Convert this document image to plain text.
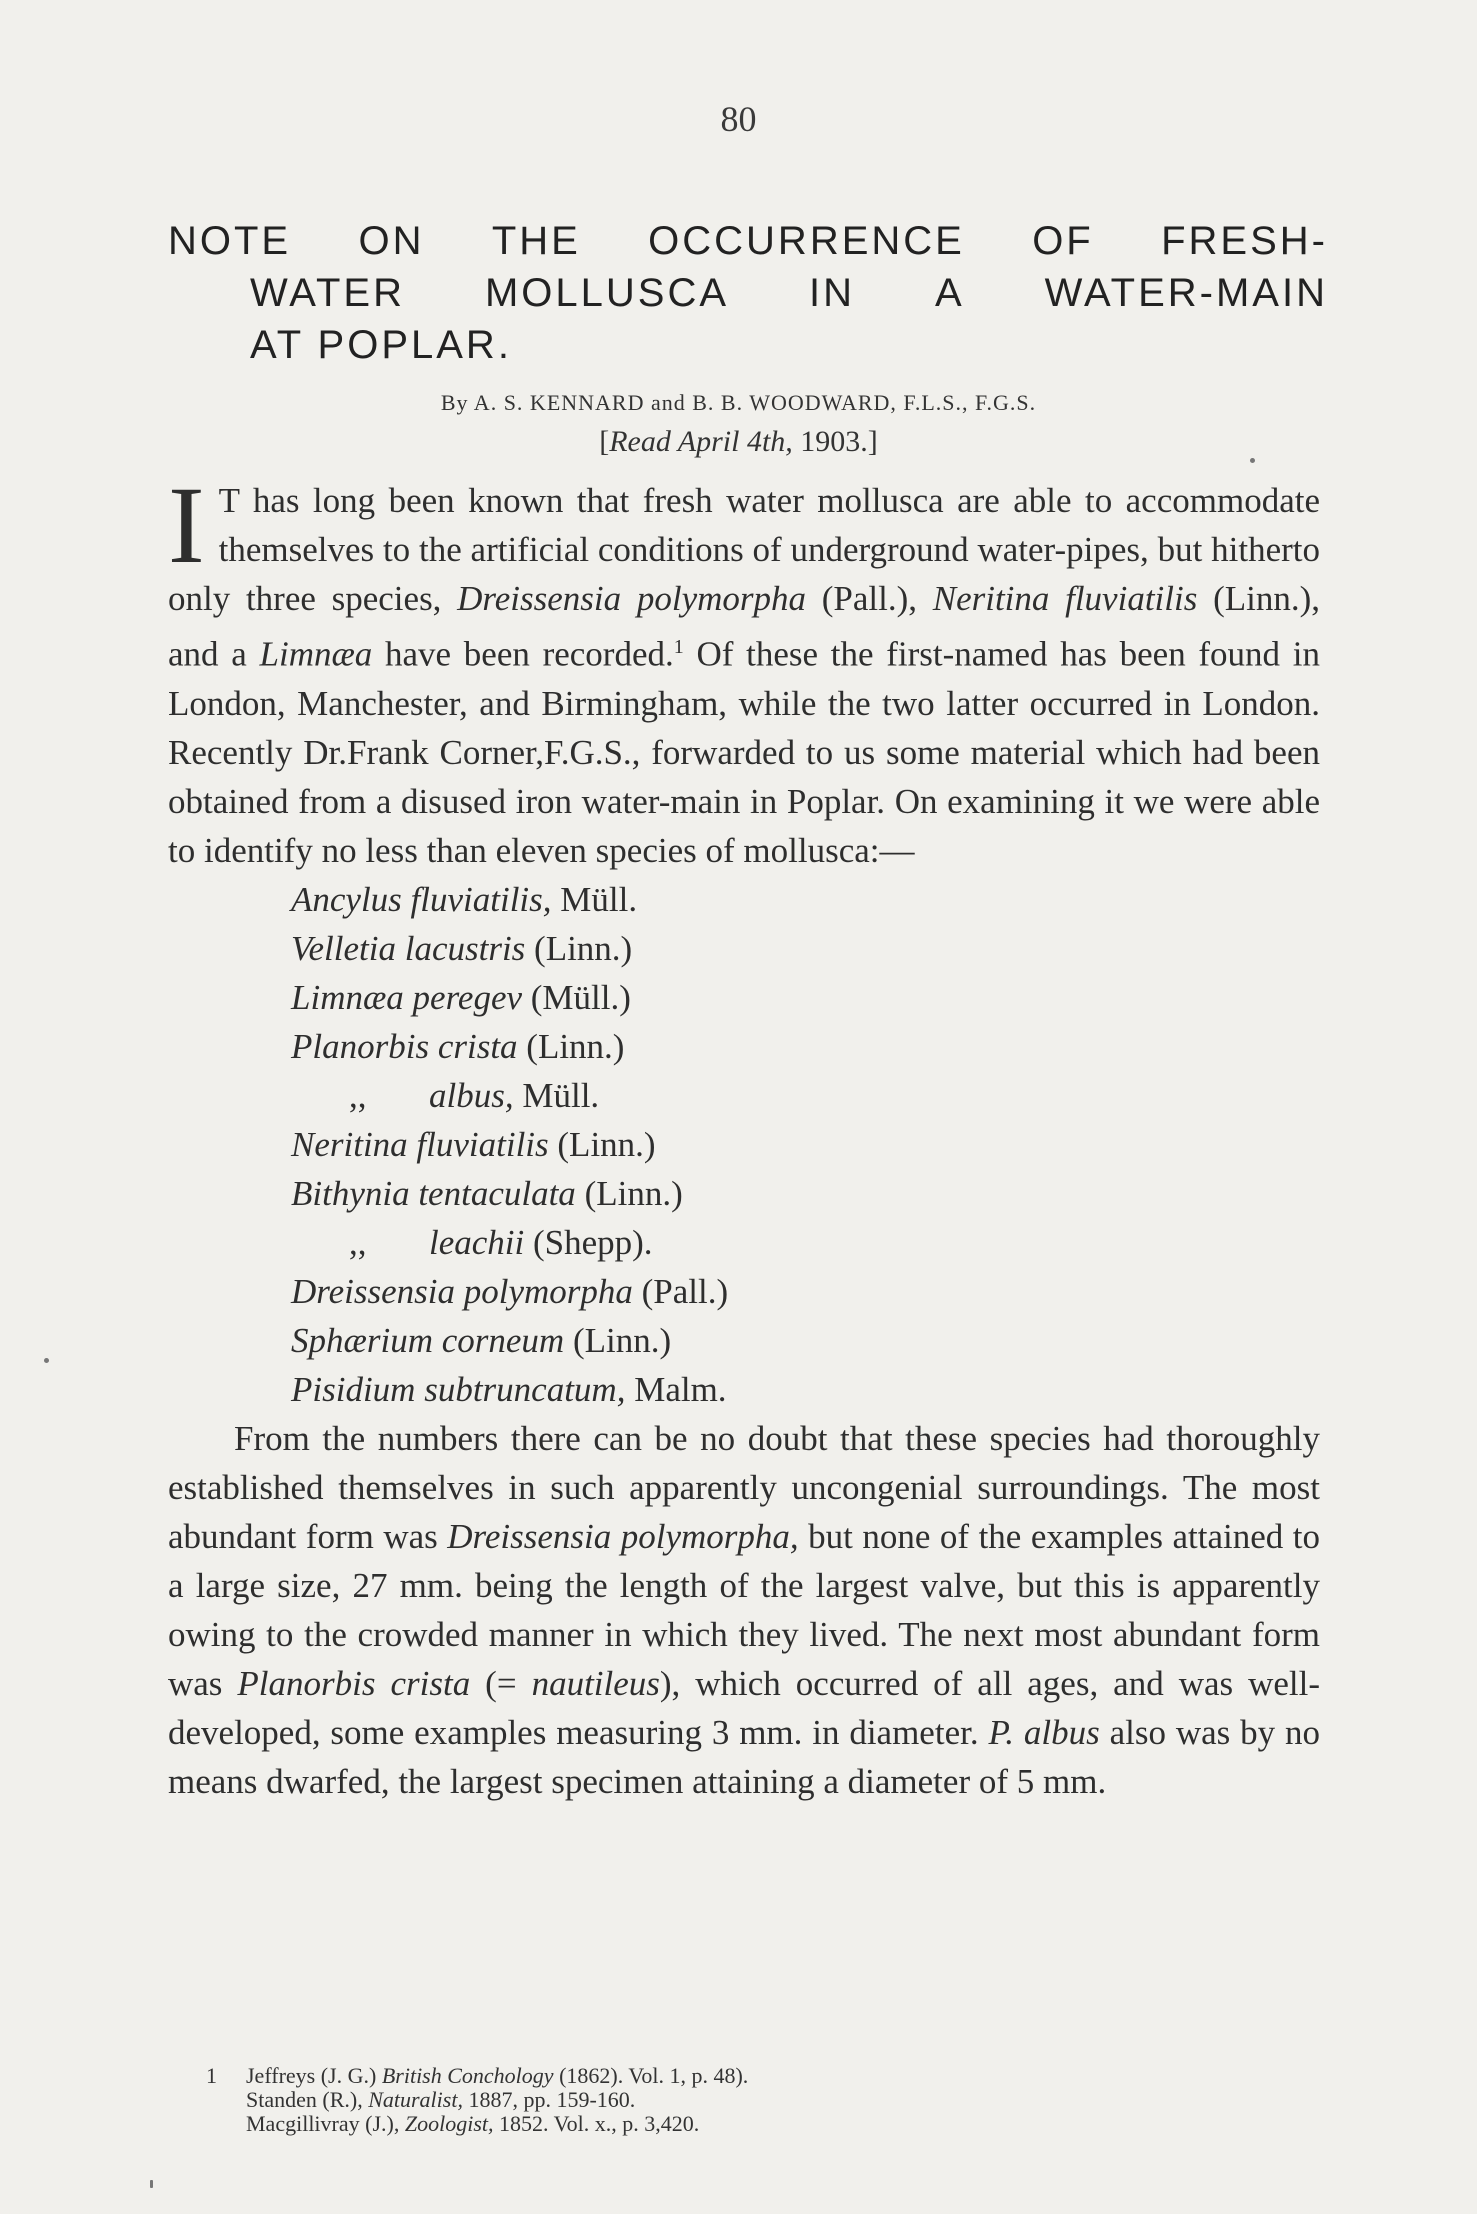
80
NOTE ON THE OCCURRENCE OF FRESH-
WATER MOLLUSCA IN A WATER-MAIN
AT POPLAR.
By A. S. KENNARD and B. B. WOODWARD, F.L.S., F.G.S.
[Read April 4th, 1903.]

I T has long been known that fresh water mollusca are able to accommodate themselves to the artificial conditions of underground water-pipes, but hitherto only three species, Dreissensia polymorpha (Pall.), Neritina fluviatilis (Linn.), and a Limnæa have been recorded.$^1$ Of these the first-named has been found in London, Manchester, and Birmingham, while the two latter occurred in London. Recently Dr.Frank Corner,F.G.S., forwarded to us some material which had been obtained from a disused iron water-main in Poplar. On examining it we were able to identify no less than eleven species of mollusca:—

Ancylus fluviatilis, Müll.
Velletia lacustris (Linn.)
Limnæa peregev (Müll.)
Planorbis crista (Linn.)
,, albus, Müll.
Neritina fluviatilis (Linn.)
Bithynia tentaculata (Linn.)
,, leachii (Shepp).
Dreissensia polymorpha (Pall.)
Sphærium corneum (Linn.)
Pisidium subtruncatum, Malm.

From the numbers there can be no doubt that these species had thoroughly established themselves in such apparently uncongenial surroundings. The most abundant form was Dreissensia polymorpha, but none of the examples attained to a large size, 27 mm. being the length of the largest valve, but this is apparently owing to the crowded manner in which they lived. The next most abundant form was Planorbis crista (= nautileus), which occurred of all ages, and was well-developed, some examples measuring 3 mm. in diameter. P. albus also was by no means dwarfed, the largest specimen attaining a diameter of 5 mm.

1 Jeffreys (J. G.) British Conchology (1862). Vol. 1, p. 48).
Standen (R.), Naturalist, 1887, pp. 159-160.
Macgillivray (J.), Zoologist, 1852. Vol. x., p. 3,420.
